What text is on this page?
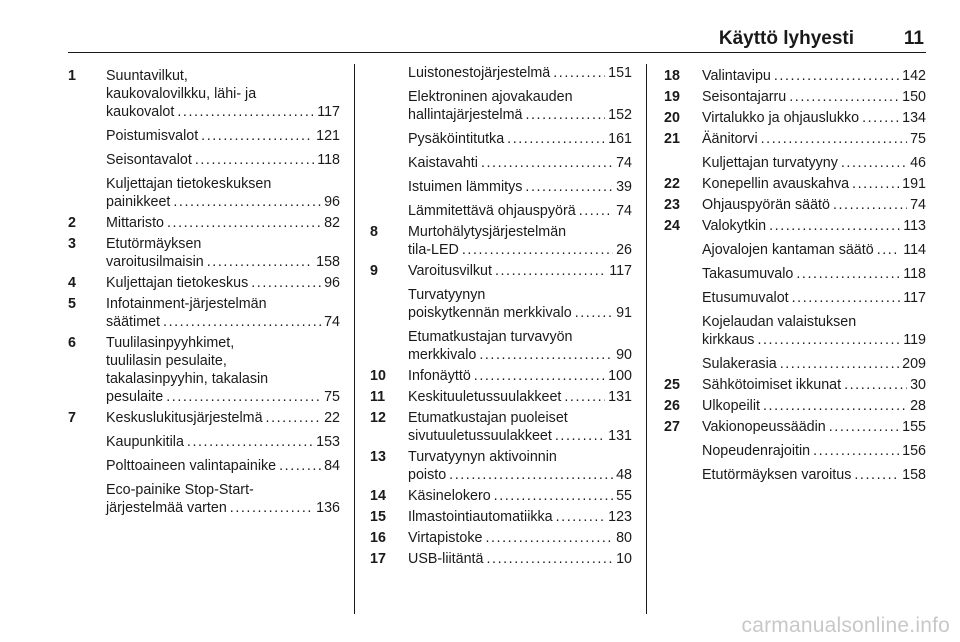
Käyttö lyhyesti	11
1	Suuntavilkut,
kaukovalovilkku, lähi- ja
kaukovalot . . .	117
Poistumisvalot . . .	121
Seisontavalot . . .	118
Kuljettajan tietokeskuksen
painikkeet . . .	96
2	Mittaristo . . .	82
3	Etutörmäyksen
varoitusilmaisin . . .	158
4	Kuljettajan tietokeskus . . .	96
5	Infotainment-järjestelmän
säätimet . . .	74
6	Tuulilasinpyyhkimet,
tuulilasin pesulaite,
takalasinpyyhin, takalasin
pesulaite . . .	75
7	Keskuslukitusjärjestelmä . . .	22
Kaupunkitila . . .	153
Polttoaineen valintapainike . . .	84
Eco-painike Stop-Start-
järjestelmää varten . . .	136
Luistonestojärjestelmä . . .	151
Elektroninen ajovakauden
hallintajärjestelmä . . .	152
Pysäköintitutka . . .	161
Kaistavahti . . .	74
Istuimen lämmitys . . .	39
Lämmitettävä ohjauspyörä . . .	74
8	Murtohälytysjärjestelmän
tila-LED . . .	26
9	Varoitusvilkut . . .	117
Turvatyynyn
poiskytkennän merkkivalo . . .	91
Etumatkustajan turvavyön
merkkivalo . . .	90
10 Infonäyttö . . .	100
11 Keskituuletussuulakkeet . . .	131
12 Etumatkustajan puoleiset
sivutuuletussuulakkeet . . .	131
13 Turvatyynyn aktivoinnin
poisto . . .	48
14 Käsinelokero . . .	55
15 Ilmastointiautomatiikka . . .	123
16 Virtapistoke . . .	80
17 USB-liitäntä . . .	10
18 Valintavipu . . .	142
19 Seisontajarru . . .	150
20 Virtalukko ja ohjauslukko . . .	134
21 Äänitorvi . . .	75
Kuljettajan turvatyyny . . .	46
22 Konepellin avauskahva . . .	191
23 Ohjauspyörän säätö . . .	74
24 Valokytkin . . .	113
Ajovalojen kantaman säätö . . . 114
Takasumuvalo . . .	118
Etusumuvalot . . .	117
Kojelaudan valaistuksen
kirkkaus . . .	119
Sulakerasia . . .	209
25 Sähkötoimiset ikkunat . . .	30
26 Ulkopeilit . . .	28
27 Vakionopeussäädin . . .	155
Nopeudenrajoitin . . .	156
Etutörmäyksen varoitus . . .	158
carmanualsonline.info
